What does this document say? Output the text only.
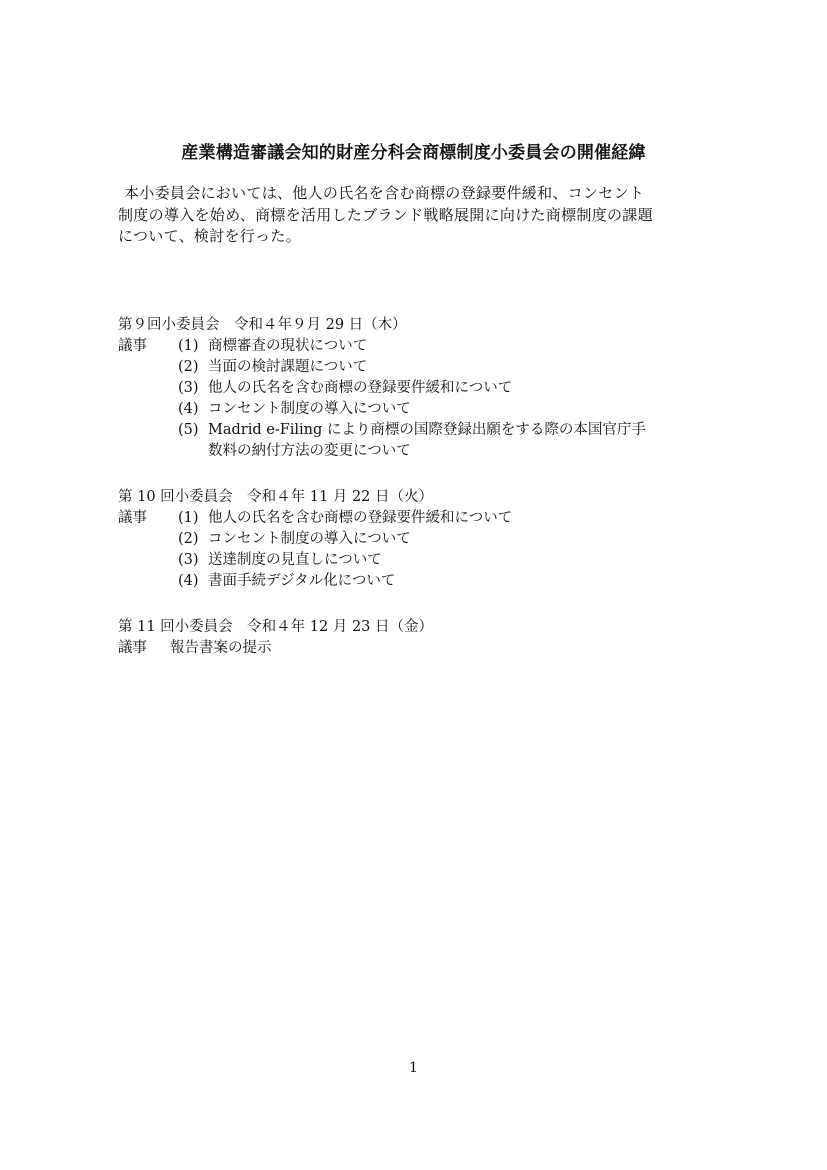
産業構造審議会知的財産分科会商標制度小委員会の開催経緯
本小委員会においては、他人の氏名を含む商標の登録要件緩和、コンセント
制度の導入を始め、商標を活用したブランド戦略展開に向けた商標制度の課題
について、検討を行った。
第９回小委員会　令和４年９月 29 日（木）
議事 (1) 商標審査の現状について
(2) 当面の検討課題について
(3) 他人の氏名を含む商標の登録要件緩和について
(4) コンセント制度の導入について
(5) Madrid e-Filing により商標の国際登録出願をする際の本国官庁手
数料の納付方法の変更について
第 10 回小委員会　令和４年 11 月 22 日（火）
議事 (1) 他人の氏名を含む商標の登録要件緩和について
(2) コンセント制度の導入について
(3) 送達制度の見直しについて
(4) 書面手続デジタル化について
第 11 回小委員会　令和４年 12 月 23 日（金）
議事 報告書案の提示
1
